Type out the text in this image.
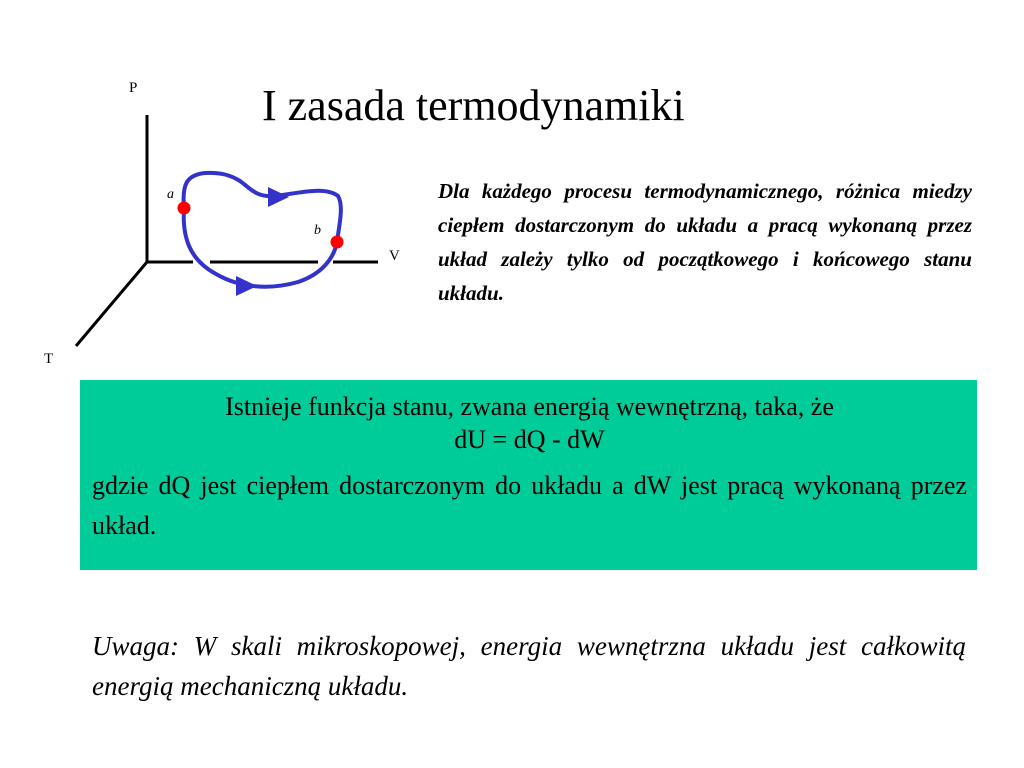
I zasada termodynamiki
P
V
T
a
b
Dla każdego procesu termodynamicznego, różnica miedzy ciepłem dostarczonym do układu a pracą wykonaną przez układ zależy tylko od początkowego i końcowego stanu układu.
Istnieje funkcja stanu, zwana energią wewnętrzną, taka, że
dU = dQ - dW
gdzie dQ jest ciepłem dostarczonym do układu a dW jest pracą wykonaną przez układ.
Uwaga: W skali mikroskopowej, energia wewnętrzna układu jest całkowitą energią mechaniczną układu.
